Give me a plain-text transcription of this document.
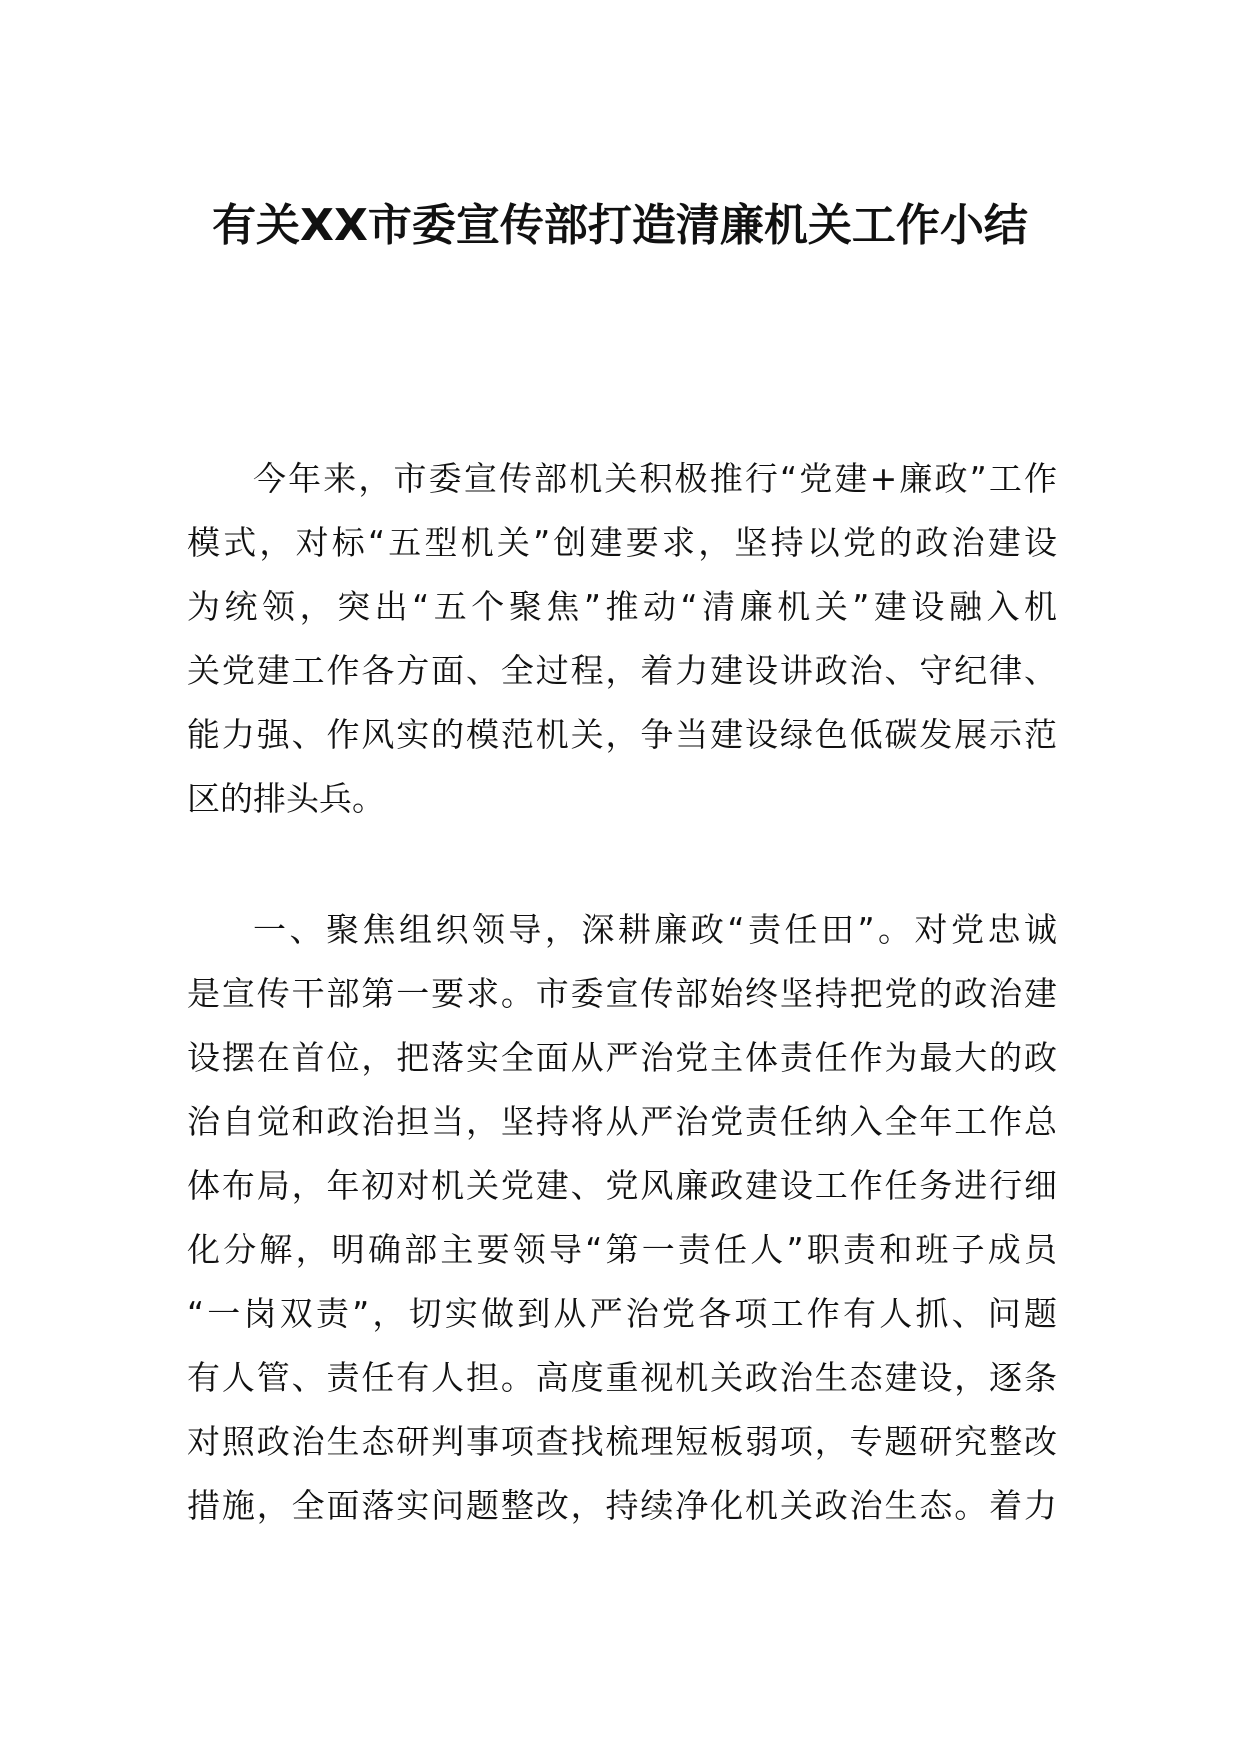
有关XX市委宣传部打造清廉机关工作小结
今年来，市委宣传部机关积极推行“党建+廉政”工作
模式，对标“五型机关”创建要求，坚持以党的政治建设
为统领，突出“五个聚焦”推动“清廉机关”建设融入机
关党建工作各方面、全过程，着力建设讲政治、守纪律、
能力强、作风实的模范机关，争当建设绿色低碳发展示范
区的排头兵。
一、聚焦组织领导，深耕廉政“责任田”。对党忠诚
是宣传干部第一要求。市委宣传部始终坚持把党的政治建
设摆在首位，把落实全面从严治党主体责任作为最大的政
治自觉和政治担当，坚持将从严治党责任纳入全年工作总
体布局，年初对机关党建、党风廉政建设工作任务进行细
化分解，明确部主要领导“第一责任人”职责和班子成员
“一岗双责”，切实做到从严治党各项工作有人抓、问题
有人管、责任有人担。高度重视机关政治生态建设，逐条
对照政治生态研判事项查找梳理短板弱项，专题研究整改
措施，全面落实问题整改，持续净化机关政治生态。着力
